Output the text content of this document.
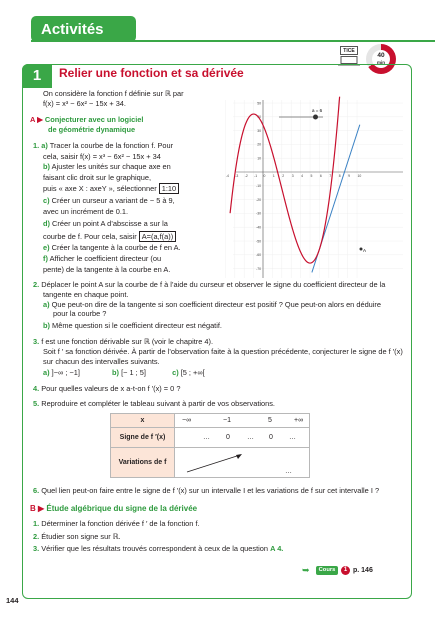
Activités
TICE
40
min
1	Relier une fonction et sa dérivée
On considère la fonction f définie sur ℝ par
f(x) = x³ − 6x² − 15x + 34.
A ▶ Conjecturer avec un logiciel
de géométrie dynamique
1. a) Tracer la courbe de la fonction f. Pour
cela, saisir f(x) = x³ − 6x² − 15x + 34
b) Ajuster les unités sur chaque axe en
faisant clic droit sur le graphique,
puis « axe X : axeY », sélectionner 1:10
c) Créer un curseur a variant de − 5 à 9,
avec un incrément de 0.1.
d) Créer un point A d’abscisse a sur la
courbe de f. Pour cela, saisir A=(a,f(a))
e) Créer la tangente à la courbe de f en A.
f) Afficher le coefficient directeur (ou
pente) de la tangente à la courbe en A.
-4 -3 -2 -1 0 1 2 3 4 5 6 7 8 9 10
50
40
30
20
10
-10
-20
-30
-40
-50
-60
-70
a = 6
A
2. Déplacer le point A sur la courbe de f à l’aide du curseur et observer le signe du coefficient directeur de la
tangente en chaque point.
a) Que peut-on dire de la tangente si son coefficient directeur est positif ? Que peut-on alors en déduire
pour la courbe ?
b) Même question si le coefficient directeur est négatif.
3. f est une fonction dérivable sur ℝ (voir le chapitre 4).
Soit f ′ sa fonction dérivée. À partir de l’observation faite à la question précédente, conjecturer le signe de f ′(x)
sur chacun des intervalles suivants.
a) ]−∞ ; −1]	b) [− 1 ; 5]	c) [5 ; +∞[
4. Pour quelles valeurs de x a-t-on f ′(x) = 0 ?
5. Reproduire et compléter le tableau suivant à partir de vos observations.
x	−∞ −1 5 +∞

Signe de f ′(x)	… 0 … 0 …

Variations de f	…
6. Quel lien peut-on faire entre le signe de f ′(x) sur un intervalle I et les variations de f sur cet intervalle I ?
B ▶ Étude algébrique du signe de la dérivée
1. Déterminer la fonction dérivée f ′ de la fonction f.
2. Étudier son signe sur ℝ.
3. Vérifier que les résultats trouvés correspondent à ceux de la question A 4.
➥	Cours	1 p. 146
144
